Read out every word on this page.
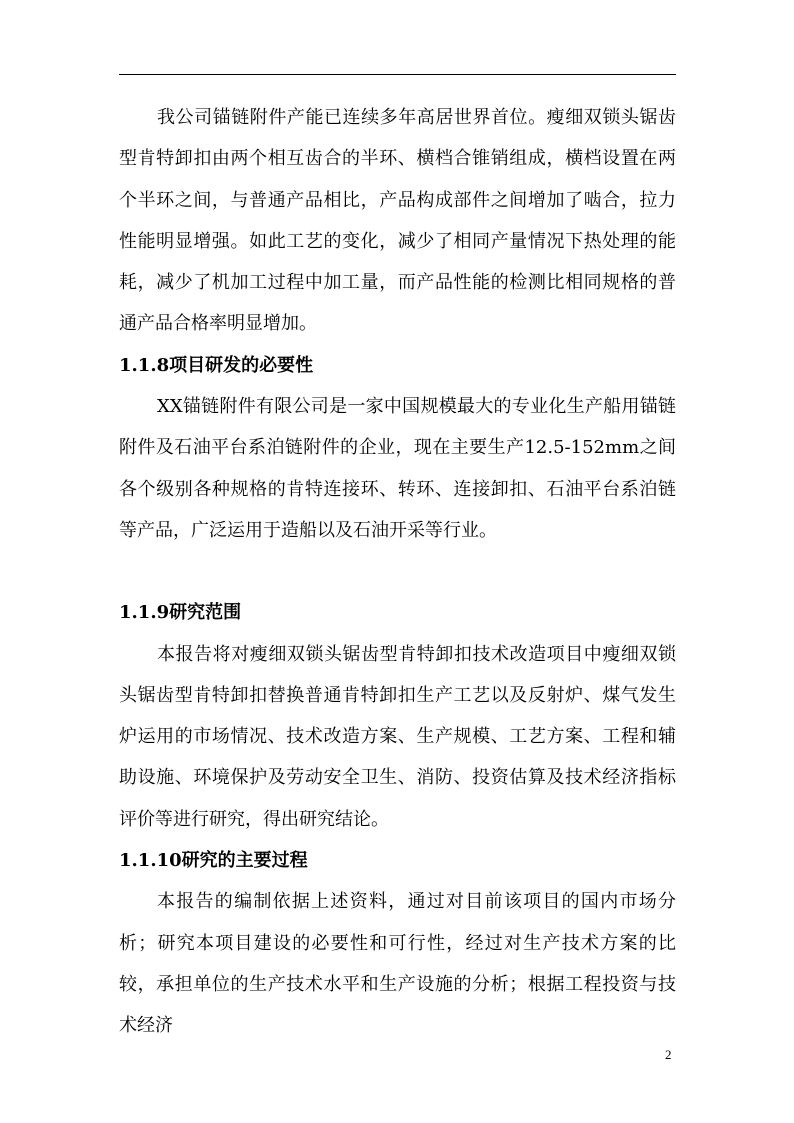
我公司锚链附件产能已连续多年高居世界首位。瘦细双锁头锯齿型肯特卸扣由两个相互齿合的半环、横档合锥销组成，横档设置在两个半环之间，与普通产品相比，产品构成部件之间增加了啮合，拉力性能明显增强。如此工艺的变化，减少了相同产量情况下热处理的能耗，减少了机加工过程中加工量，而产品性能的检测比相同规格的普通产品合格率明显增加。

1.1.8项目研发的必要性

XX锚链附件有限公司是一家中国规模最大的专业化生产船用锚链附件及石油平台系泊链附件的企业，现在主要生产12.5-152mm之间各个级别各种规格的肯特连接环、转环、连接卸扣、石油平台系泊链等产品，广泛运用于造船以及石油开采等行业。

1.1.9研究范围

本报告将对瘦细双锁头锯齿型肯特卸扣技术改造项目中瘦细双锁头锯齿型肯特卸扣替换普通肯特卸扣生产工艺以及反射炉、煤气发生炉运用的市场情况、技术改造方案、生产规模、工艺方案、工程和辅助设施、环境保护及劳动安全卫生、消防、投资估算及技术经济指标评价等进行研究，得出研究结论。

1.1.10研究的主要过程

本报告的编制依据上述资料，通过对目前该项目的国内市场分析；研究本项目建设的必要性和可行性，经过对生产技术方案的比较，承担单位的生产技术水平和生产设施的分析；根据工程投资与技术经济

2
